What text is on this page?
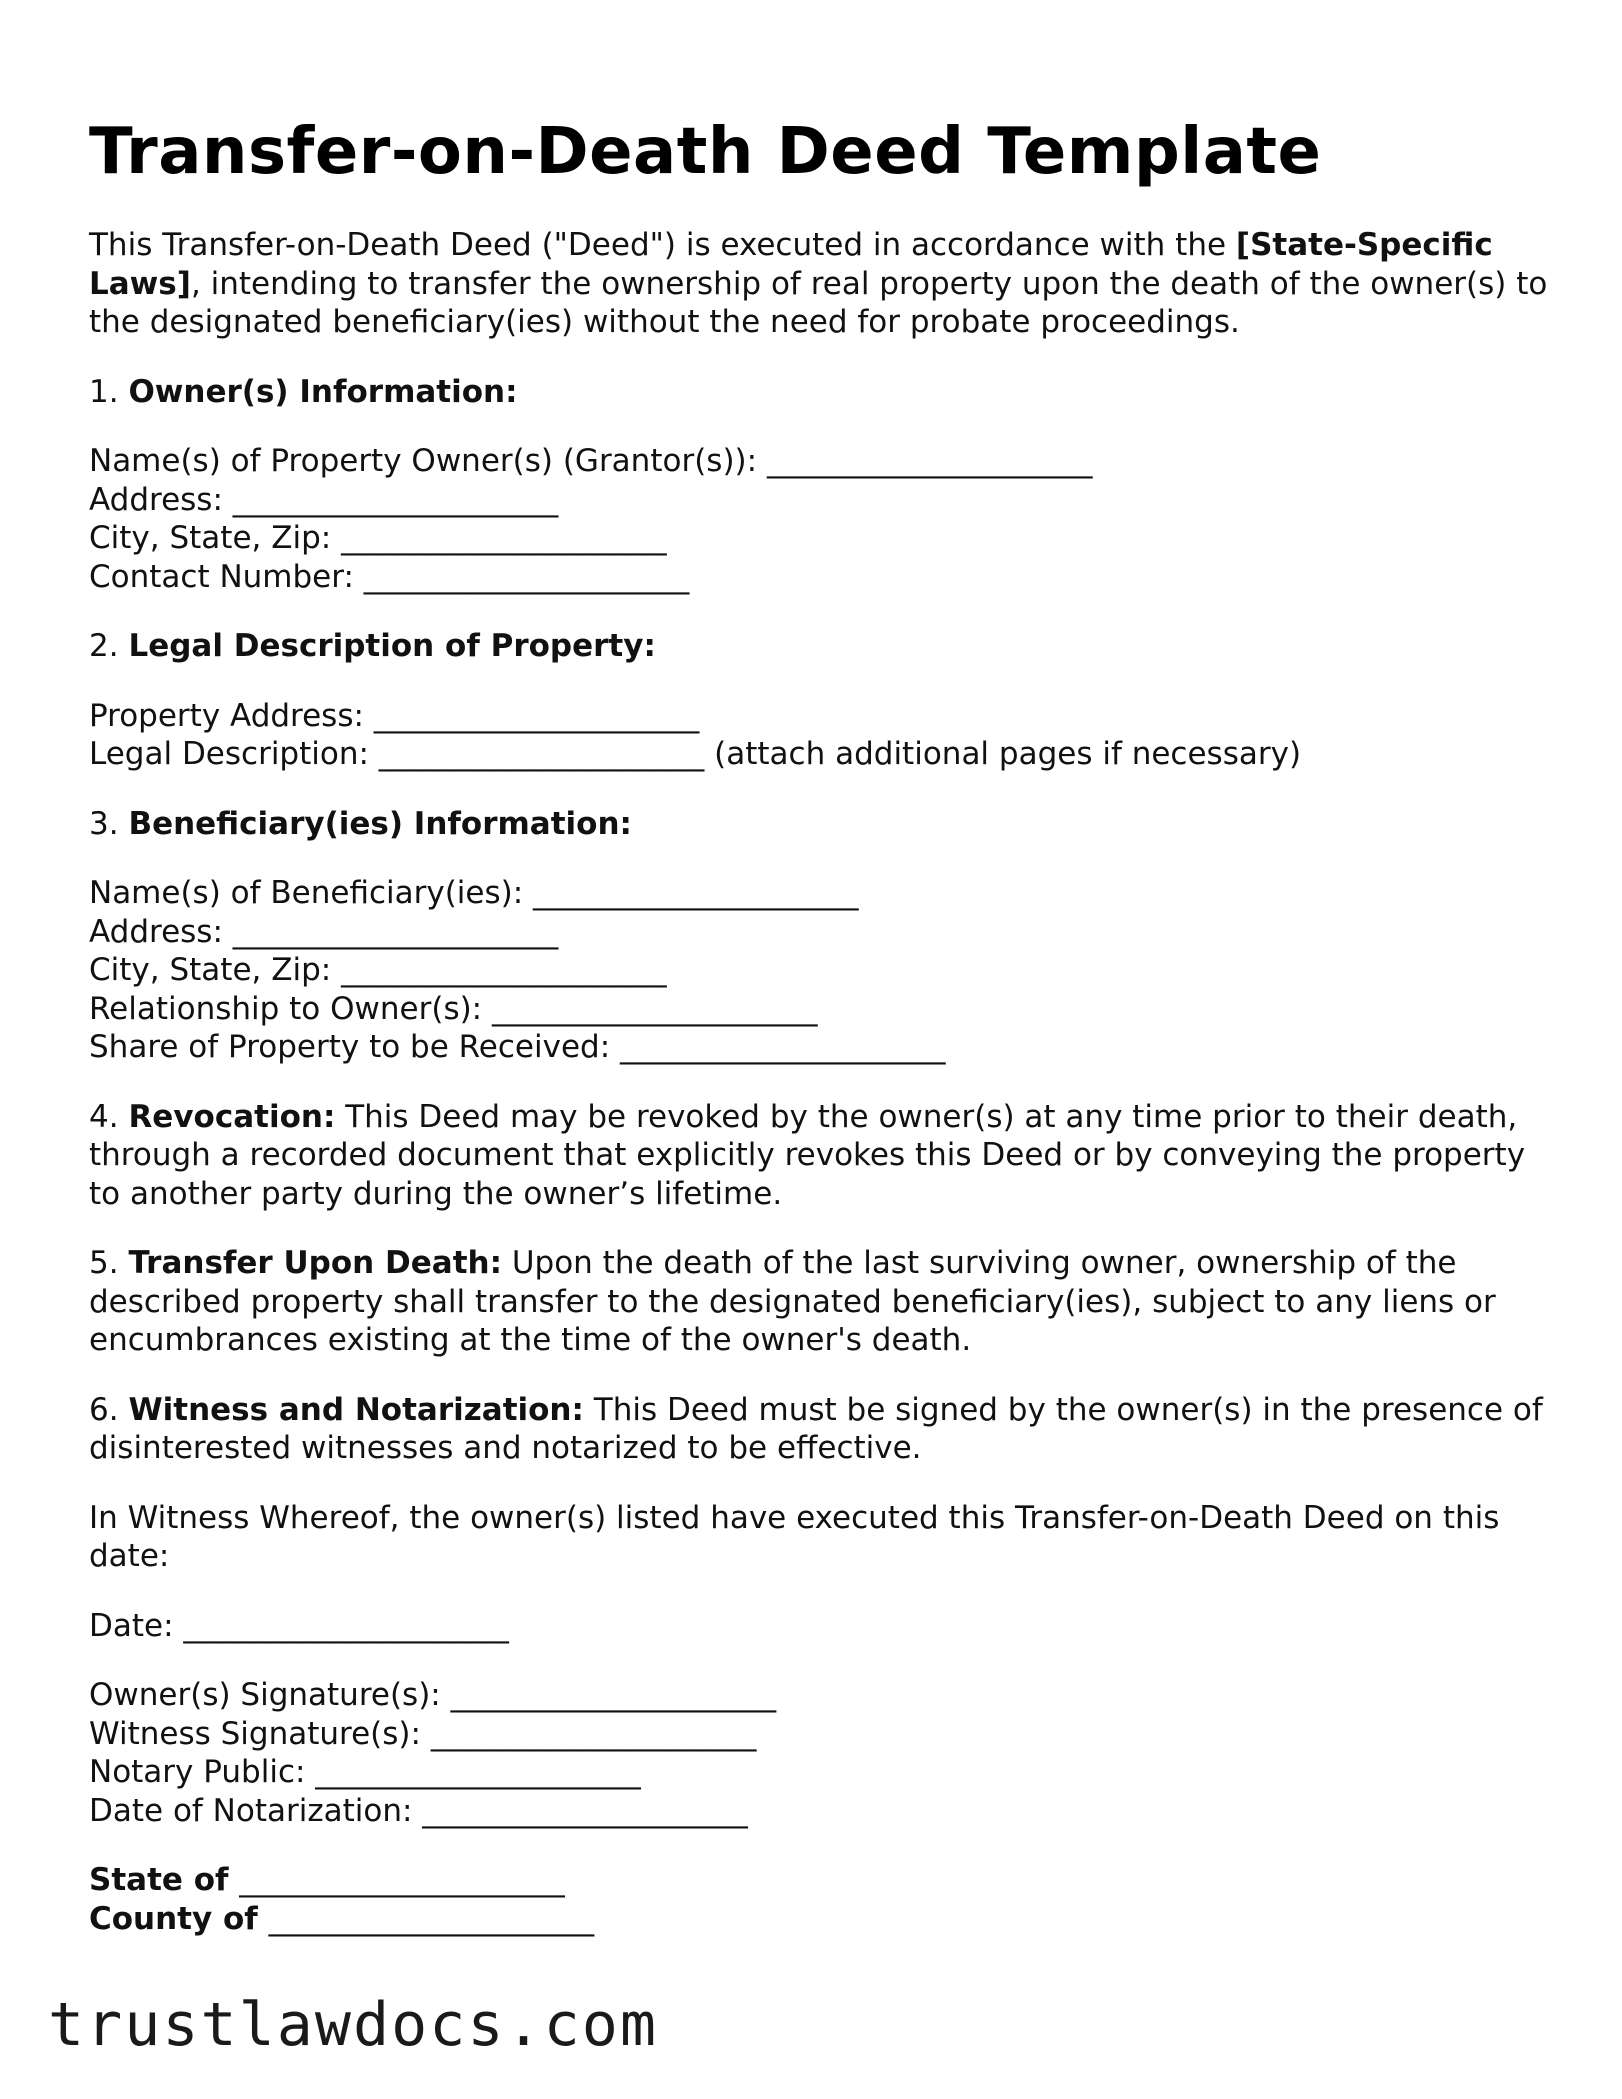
Transfer-on-Death Deed Template

This Transfer-on-Death Deed ("Deed") is executed in accordance with the [State-Specific Laws], intending to transfer the ownership of real property upon the death of the owner(s) to the designated beneficiary(ies) without the need for probate proceedings.

1. Owner(s) Information:

Name(s) of Property Owner(s) (Grantor(s)): _____________________
Address: _____________________
City, State, Zip: _____________________
Contact Number: _____________________

2. Legal Description of Property:

Property Address: _____________________
Legal Description: _____________________ (attach additional pages if necessary)

3. Beneficiary(ies) Information:

Name(s) of Beneficiary(ies): _____________________
Address: _____________________
City, State, Zip: _____________________
Relationship to Owner(s): _____________________
Share of Property to be Received: _____________________

4. Revocation: This Deed may be revoked by the owner(s) at any time prior to their death, through a recorded document that explicitly revokes this Deed or by conveying the property to another party during the owner’s lifetime.

5. Transfer Upon Death: Upon the death of the last surviving owner, ownership of the described property shall transfer to the designated beneficiary(ies), subject to any liens or encumbrances existing at the time of the owner's death.

6. Witness and Notarization: This Deed must be signed by the owner(s) in the presence of disinterested witnesses and notarized to be effective.

In Witness Whereof, the owner(s) listed have executed this Transfer-on-Death Deed on this date:

Date: _____________________

Owner(s) Signature(s): _____________________
Witness Signature(s): _____________________
Notary Public: _____________________
Date of Notarization: _____________________

State of _____________________
County of _____________________

trustlawdocs.com
